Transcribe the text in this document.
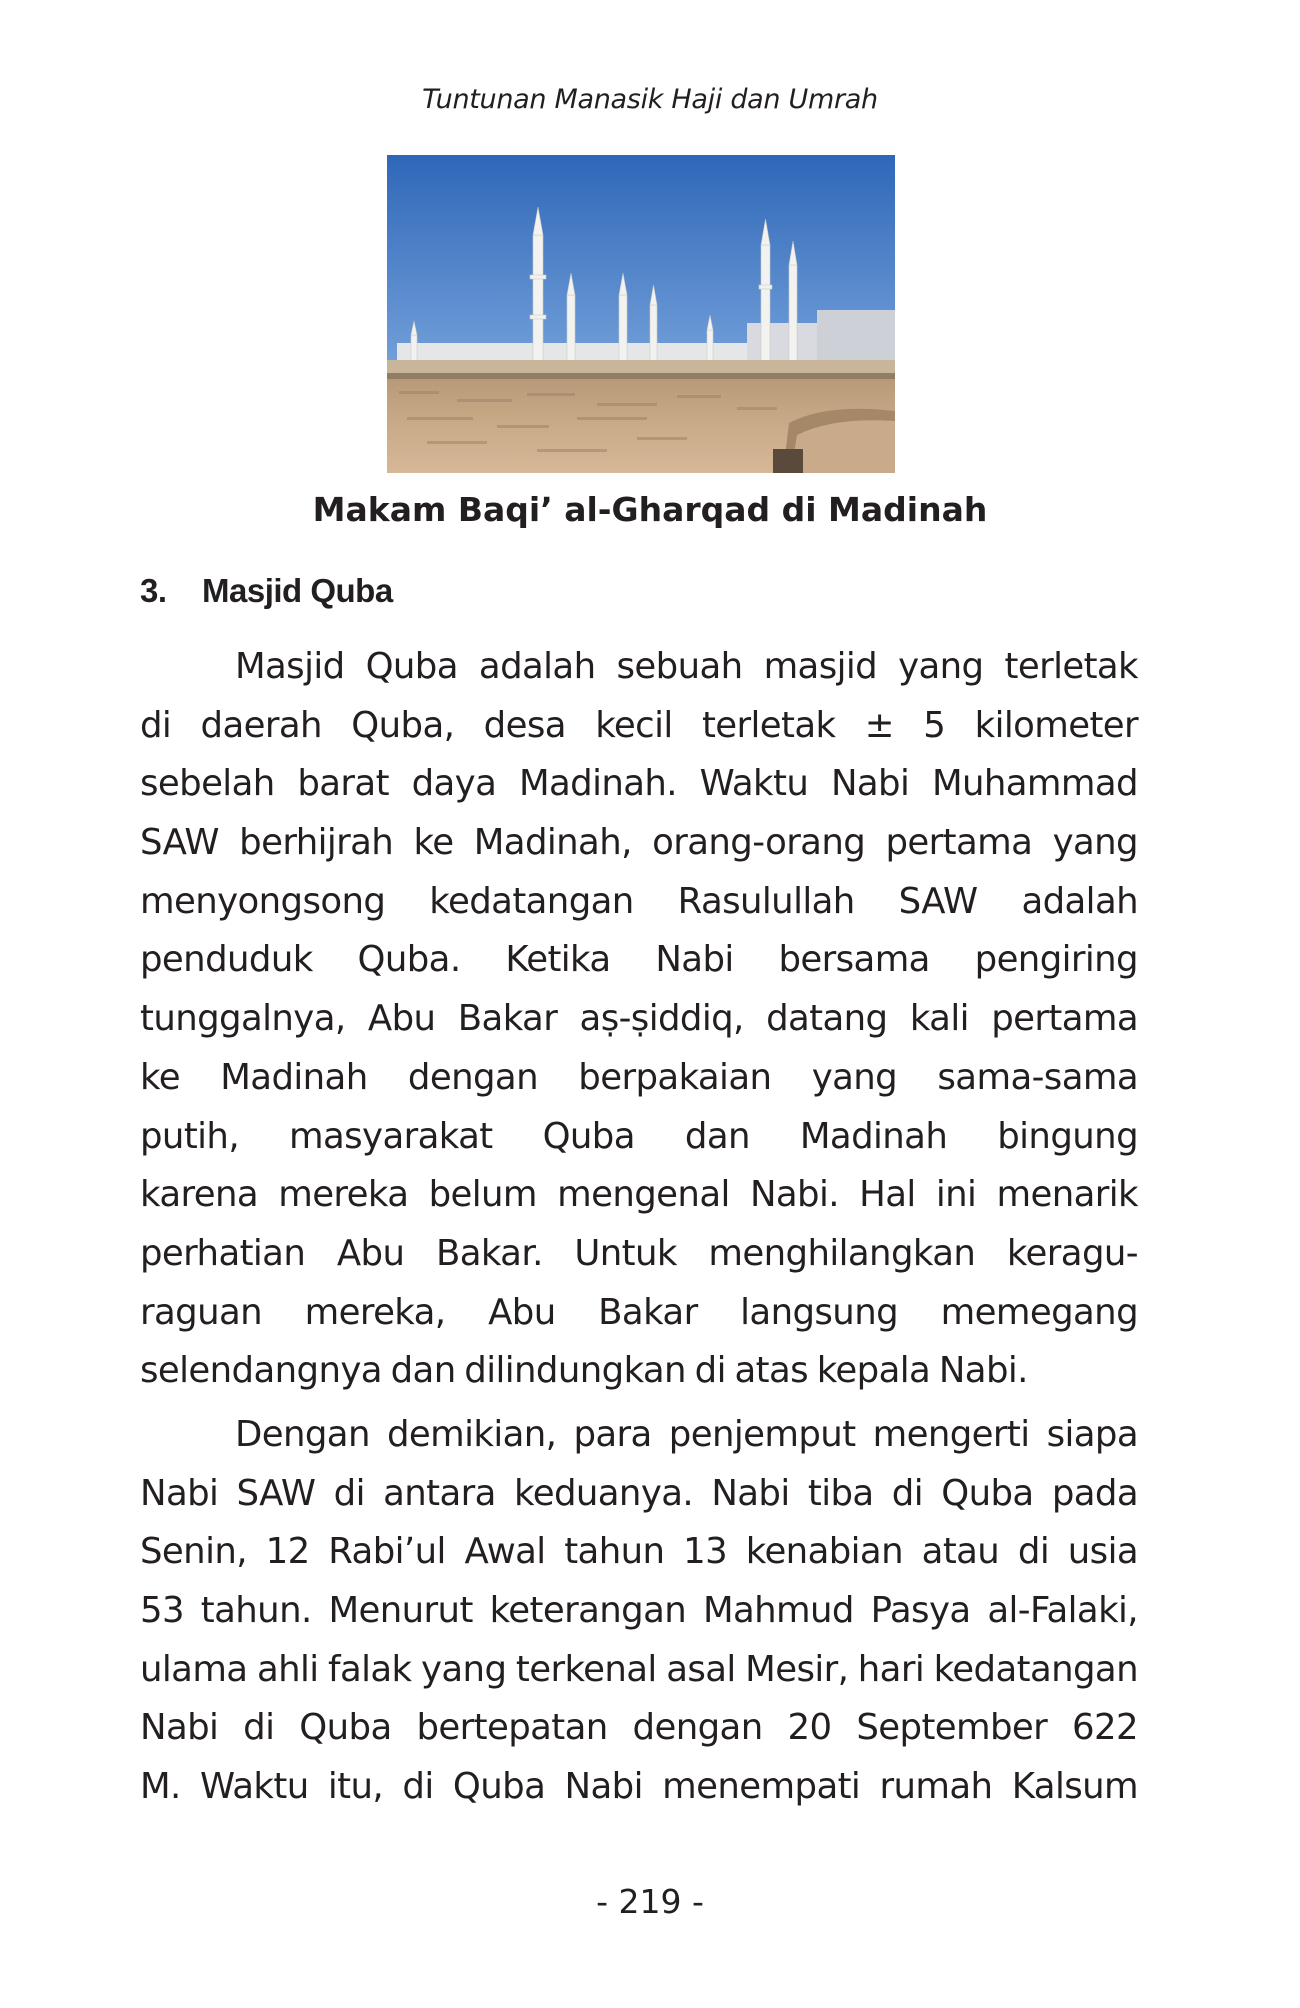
Tuntunan Manasik Haji dan Umrah
Makam Baqi’ al-Gharqad di Madinah
3. Masjid Quba
Masjid Quba adalah sebuah masjid yang terletak
di daerah Quba, desa kecil terletak ± 5 kilometer
sebelah barat daya Madinah. Waktu Nabi Muhammad
SAW berhijrah ke Madinah, orang-orang pertama yang
menyongsong kedatangan Rasulullah SAW adalah
penduduk Quba. Ketika Nabi bersama pengiring
tunggalnya, Abu Bakar aṣ-ṣiddiq, datang kali pertama
ke Madinah dengan berpakaian yang sama-sama
putih, masyarakat Quba dan Madinah bingung
karena mereka belum mengenal Nabi. Hal ini menarik
perhatian Abu Bakar. Untuk menghilangkan keragu-
raguan mereka, Abu Bakar langsung memegang
selendangnya dan dilindungkan di atas kepala Nabi.
Dengan demikian, para penjemput mengerti siapa
Nabi SAW di antara keduanya. Nabi tiba di Quba pada
Senin, 12 Rabi’ul Awal tahun 13 kenabian atau di usia
53 tahun. Menurut keterangan Mahmud Pasya al-Falaki,
ulama ahli falak yang terkenal asal Mesir, hari kedatangan
Nabi di Quba bertepatan dengan 20 September 622
M. Waktu itu, di Quba Nabi menempati rumah Kalsum
- 219 -
